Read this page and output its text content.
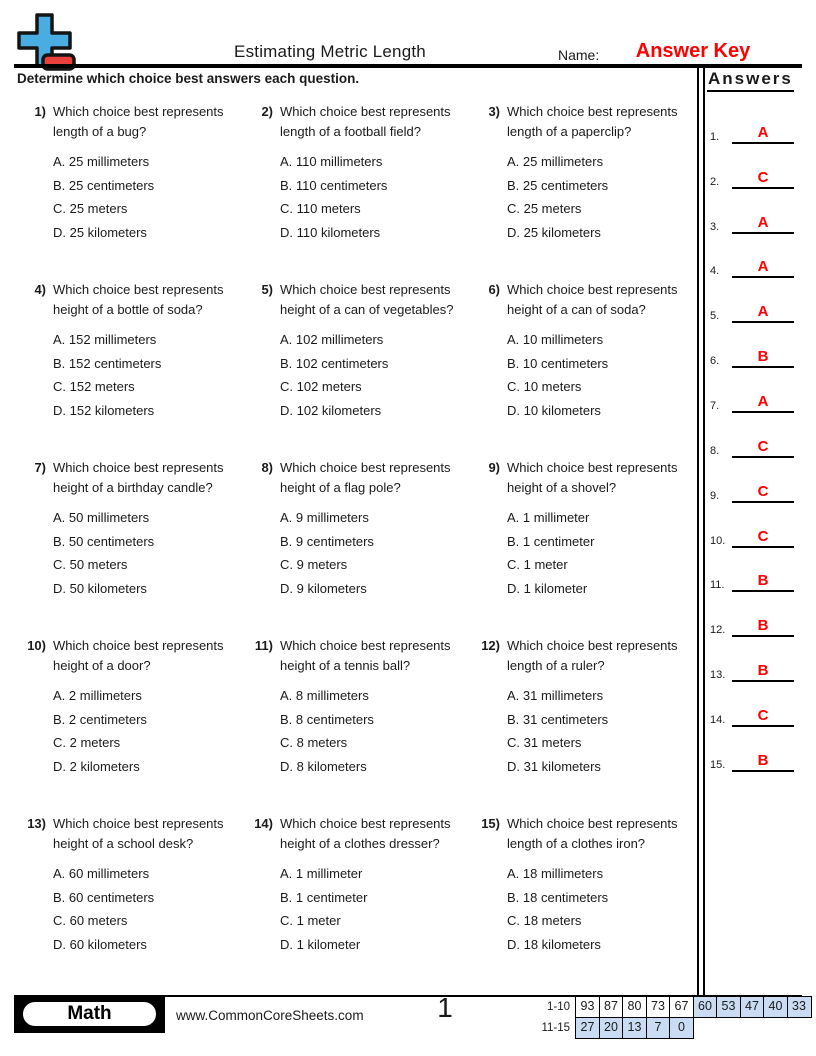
Estimating Metric Length	Name:	Answer Key
Determine which choice best answers each question.
1) Which choice best represents length of a bug?
A. 25 millimeters
B. 25 centimeters
C. 25 meters
D. 25 kilometers
2) Which choice best represents length of a football field?
A. 110 millimeters
B. 110 centimeters
C. 110 meters
D. 110 kilometers
3) Which choice best represents length of a paperclip?
A. 25 millimeters
B. 25 centimeters
C. 25 meters
D. 25 kilometers
4) Which choice best represents height of a bottle of soda?
A. 152 millimeters
B. 152 centimeters
C. 152 meters
D. 152 kilometers
5) Which choice best represents height of a can of vegetables?
A. 102 millimeters
B. 102 centimeters
C. 102 meters
D. 102 kilometers
6) Which choice best represents height of a can of soda?
A. 10 millimeters
B. 10 centimeters
C. 10 meters
D. 10 kilometers
7) Which choice best represents height of a birthday candle?
A. 50 millimeters
B. 50 centimeters
C. 50 meters
D. 50 kilometers
8) Which choice best represents height of a flag pole?
A. 9 millimeters
B. 9 centimeters
C. 9 meters
D. 9 kilometers
9) Which choice best represents height of a shovel?
A. 1 millimeter
B. 1 centimeter
C. 1 meter
D. 1 kilometer
10) Which choice best represents height of a door?
A. 2 millimeters
B. 2 centimeters
C. 2 meters
D. 2 kilometers
11) Which choice best represents height of a tennis ball?
A. 8 millimeters
B. 8 centimeters
C. 8 meters
D. 8 kilometers
12) Which choice best represents length of a ruler?
A. 31 millimeters
B. 31 centimeters
C. 31 meters
D. 31 kilometers
13) Which choice best represents height of a school desk?
A. 60 millimeters
B. 60 centimeters
C. 60 meters
D. 60 kilometers
14) Which choice best represents height of a clothes dresser?
A. 1 millimeter
B. 1 centimeter
C. 1 meter
D. 1 kilometer
15) Which choice best represents length of a clothes iron?
A. 18 millimeters
B. 18 centimeters
C. 18 meters
D. 18 kilometers
Answers
1.	A
2.	C
3.	A
4.	A
5.	A
6.	B
7.	A
8.	C
9.	C
10.	C
11.	B
12.	B
13.	B
14.	C
15.	B
Math	www.CommonCoreSheets.com	1	1-10 93 87 80 73 67 60 53 47 40 33
11-15 27 20 13	7	0
